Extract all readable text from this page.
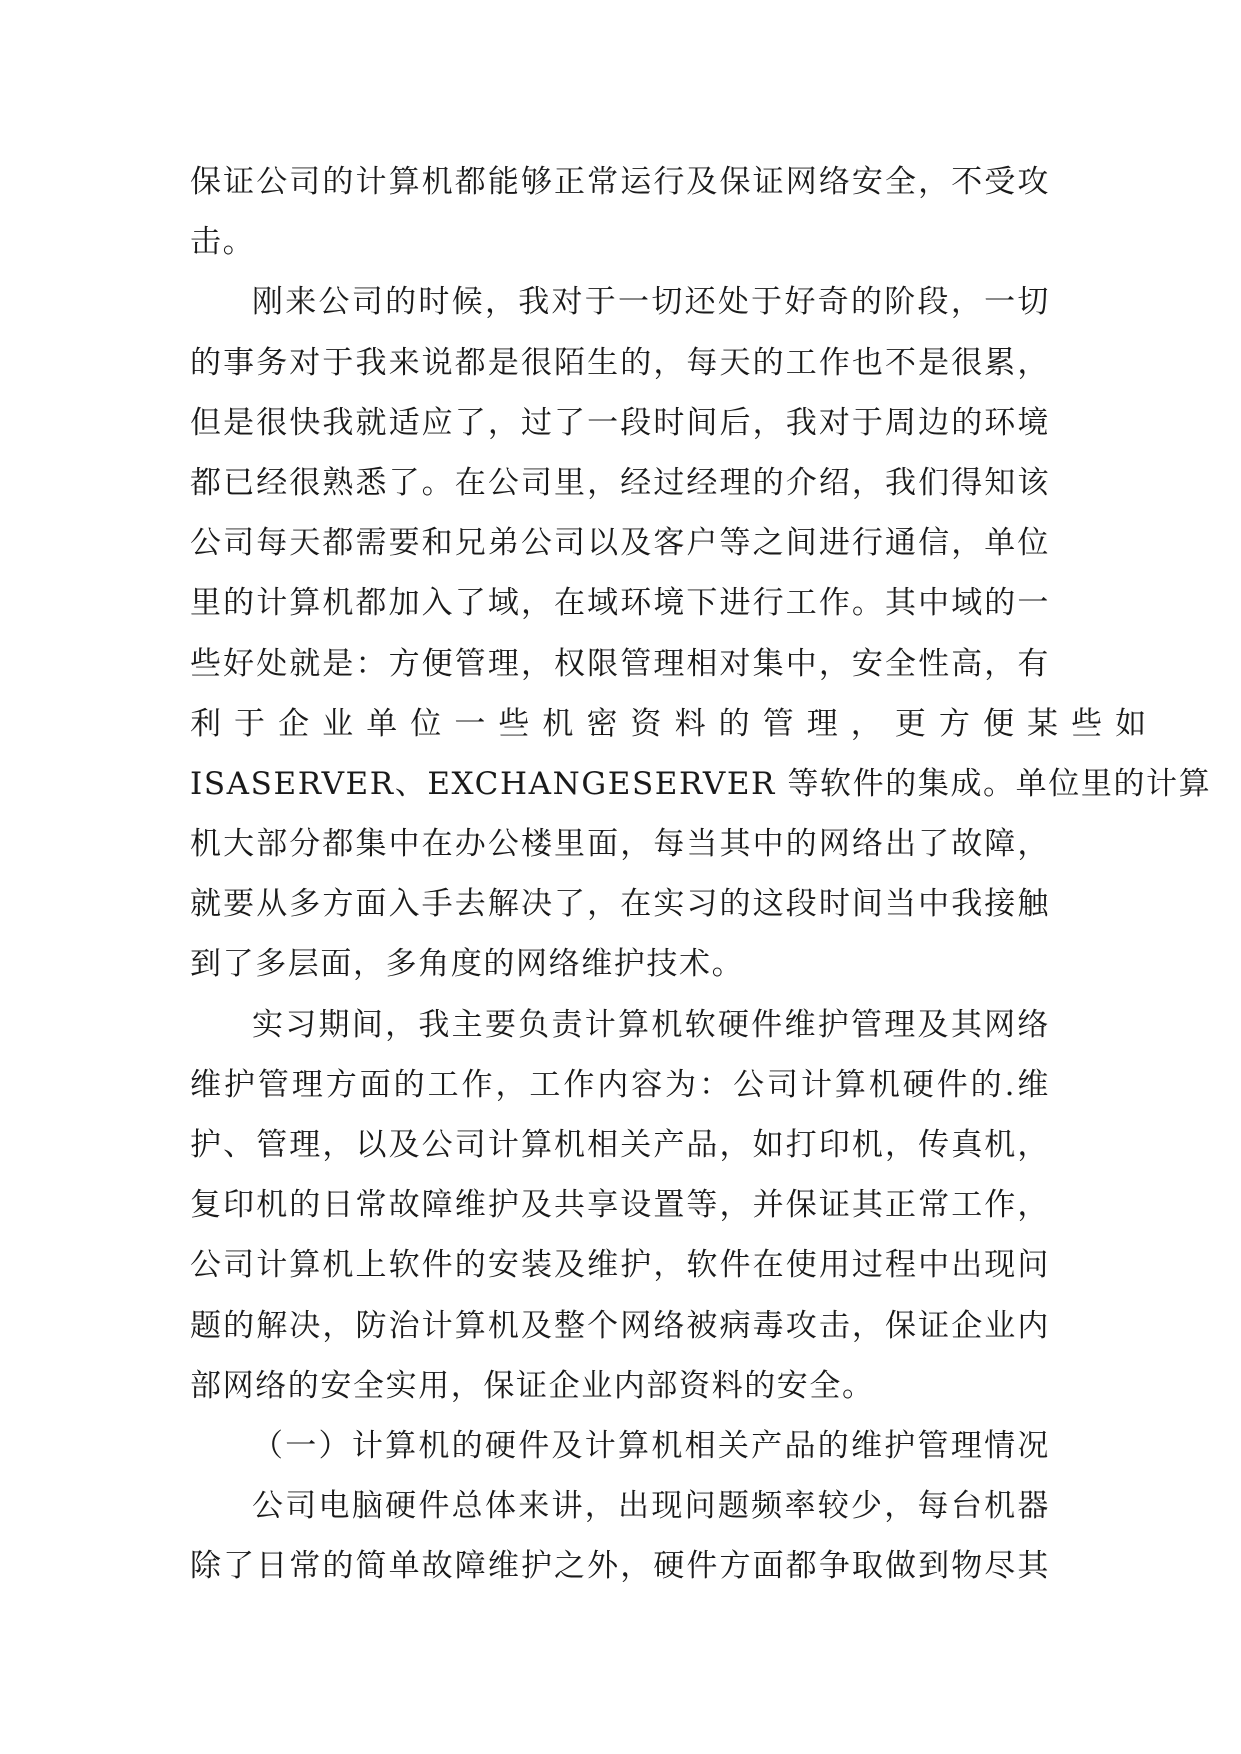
保证公司的计算机都能够正常运行及保证网络安全，不受攻
击。
刚来公司的时候，我对于一切还处于好奇的阶段，一切
的事务对于我来说都是很陌生的，每天的工作也不是很累，
但是很快我就适应了，过了一段时间后，我对于周边的环境
都已经很熟悉了。在公司里，经过经理的介绍，我们得知该
公司每天都需要和兄弟公司以及客户等之间进行通信，单位
里的计算机都加入了域，在域环境下进行工作。其中域的一
些好处就是：方便管理，权限管理相对集中，安全性高，有
利 于 企 业 单 位 一 些 机 密 资 料 的 管 理 ， 更 方 便 某 些 如
ISASERVER、EXCHANGESERVER 等软件的集成。单位里的计算
机大部分都集中在办公楼里面，每当其中的网络出了故障，
就要从多方面入手去解决了，在实习的这段时间当中我接触
到了多层面，多角度的网络维护技术。
实习期间，我主要负责计算机软硬件维护管理及其网络
维护管理方面的工作，工作内容为：公司计算机硬件的.维
护、管理，以及公司计算机相关产品，如打印机，传真机，
复印机的日常故障维护及共享设置等，并保证其正常工作，
公司计算机上软件的安装及维护，软件在使用过程中出现问
题的解决，防治计算机及整个网络被病毒攻击，保证企业内
部网络的安全实用，保证企业内部资料的安全。
（一）计算机的硬件及计算机相关产品的维护管理情况
公司电脑硬件总体来讲，出现问题频率较少，每台机器
除了日常的简单故障维护之外，硬件方面都争取做到物尽其
